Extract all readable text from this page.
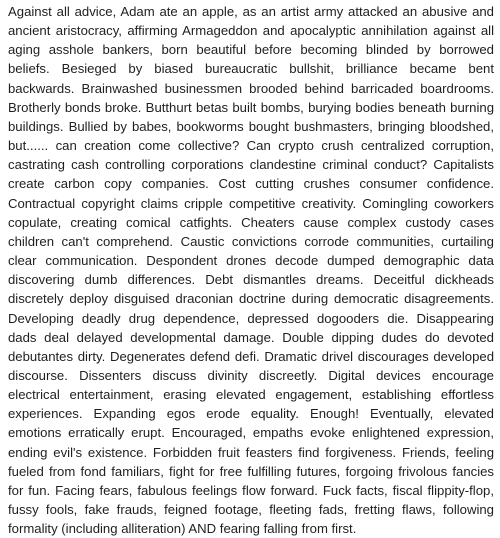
Against all advice, Adam ate an apple, as an artist army attacked an abusive and ancient aristocracy, affirming Armageddon and apocalyptic annihilation against all aging asshole bankers, born beautiful before becoming blinded by borrowed beliefs. Besieged by biased bureaucratic bullshit, brilliance became bent backwards. Brainwashed businessmen brooded behind barricaded boardrooms. Brotherly bonds broke. Butthurt betas built bombs, burying bodies beneath burning buildings. Bullied by babes, bookworms bought bushmasters, bringing bloodshed, but...... can creation come collective? Can crypto crush centralized corruption, castrating cash controlling corporations clandestine criminal conduct? Capitalists create carbon copy companies. Cost cutting crushes consumer confidence. Contractual copyright claims cripple competitive creativity. Comingling coworkers copulate, creating comical catfights. Cheaters cause complex custody cases children can't comprehend. Caustic convictions corrode communities, curtailing clear communication. Despondent drones decode dumped demographic data discovering dumb differences. Debt dismantles dreams. Deceitful dickheads discretely deploy disguised draconian doctrine during democratic disagreements. Developing deadly drug dependence, depressed dogooders die. Disappearing dads deal delayed developmental damage. Double dipping dudes do devoted debutantes dirty. Degenerates defend defi. Dramatic drivel discourages developed discourse. Dissenters discuss divinity discreetly. Digital devices encourage electrical entertainment, erasing elevated engagement, establishing effortless experiences. Expanding egos erode equality. Enough! Eventually, elevated emotions erratically erupt. Encouraged, empaths evoke enlightened expression, ending evil's existence. Forbidden fruit feasters find forgiveness. Friends, feeling fueled from fond familiars, fight for free fulfilling futures, forgoing frivolous fancies for fun. Facing fears, fabulous feelings flow forward. Fuck facts, fiscal flippity-flop, fussy fools, fake frauds, feigned footage, fleeting fads, fretting flaws, following formality (including alliteration) AND fearing falling from first.
